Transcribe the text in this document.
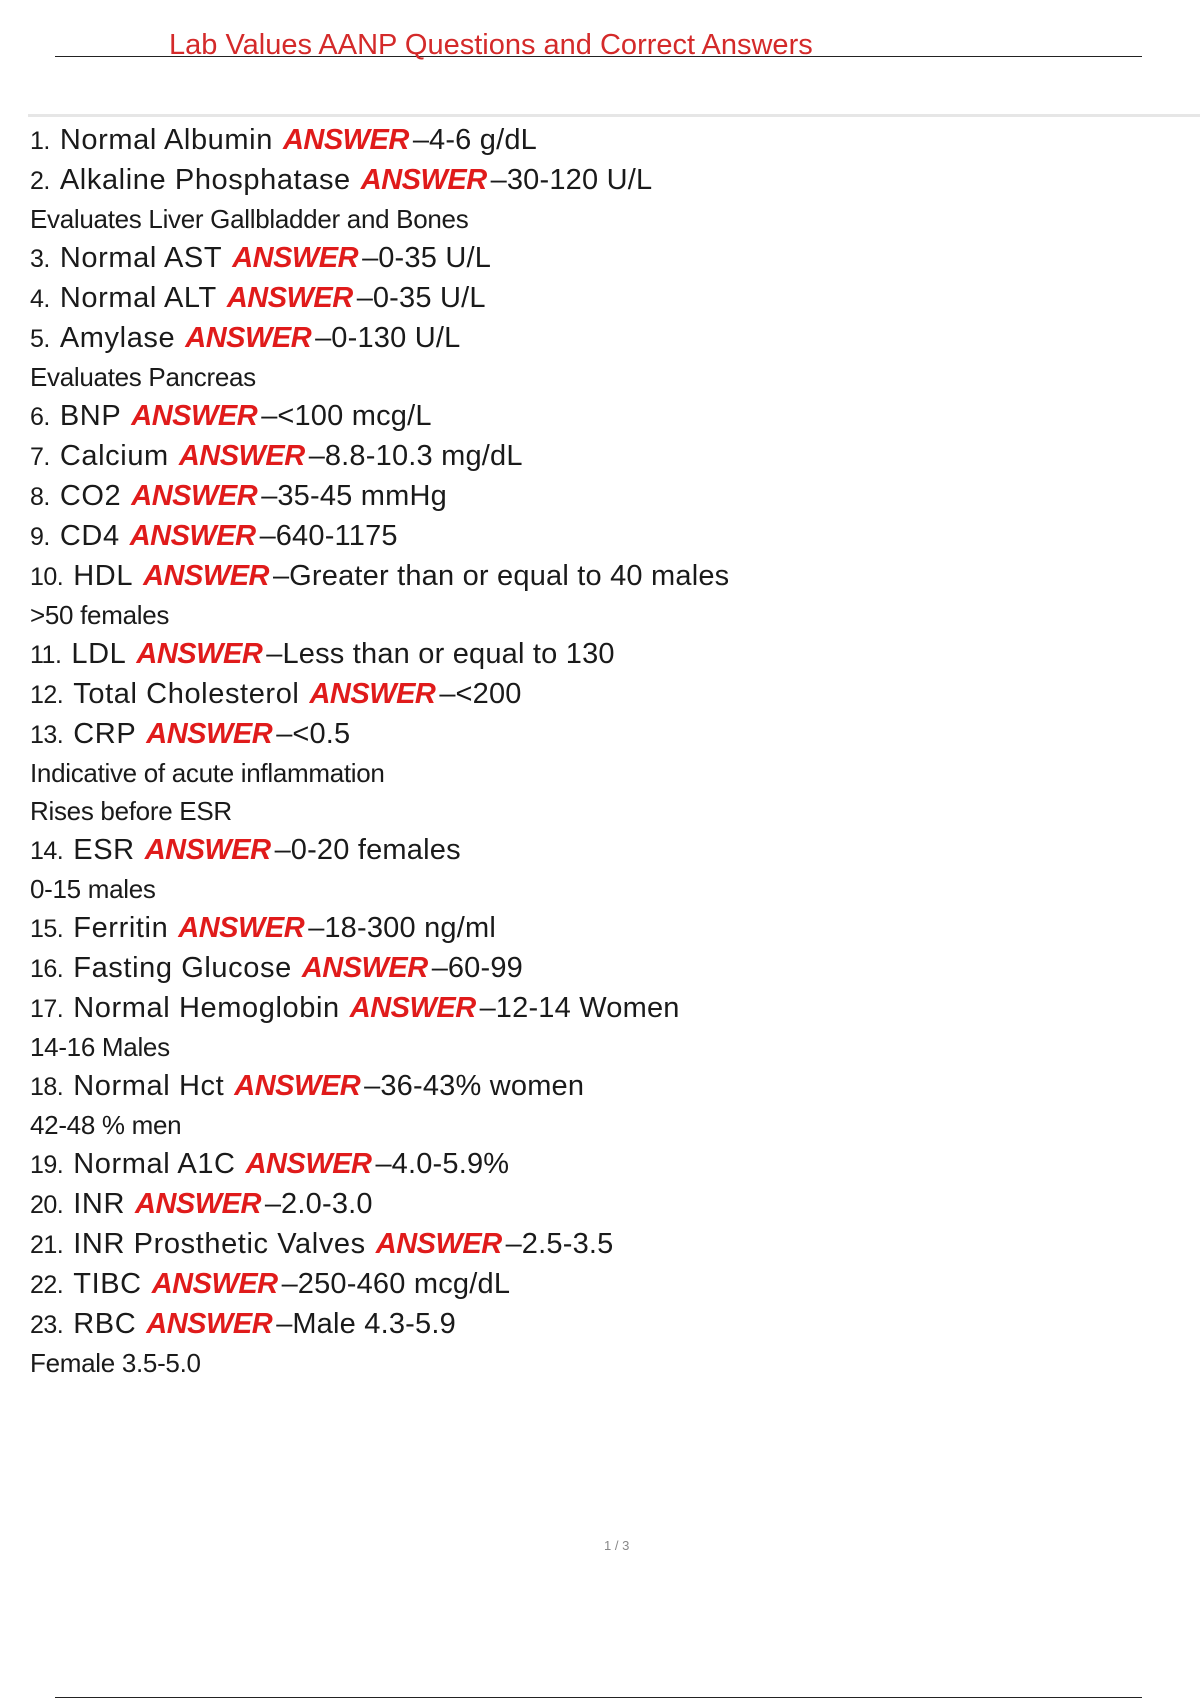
Lab Values AANP Questions and Correct Answers
1. Normal Albumin ANSWER – 4-6 g/dL
2. Alkaline Phosphatase ANSWER – 30-120 U/L
Evaluates Liver Gallbladder and Bones
3. Normal AST ANSWER – 0-35 U/L
4. Normal ALT ANSWER – 0-35 U/L
5. Amylase ANSWER – 0-130 U/L
Evaluates Pancreas
6. BNP ANSWER – <100 mcg/L
7. Calcium ANSWER – 8.8-10.3 mg/dL
8. CO2 ANSWER – 35-45 mmHg
9. CD4 ANSWER – 640-1175
10. HDL ANSWER – Greater than or equal to 40 males
>50 females
11. LDL ANSWER – Less than or equal to 130
12. Total Cholesterol ANSWER – <200
13. CRP ANSWER – <0.5
Indicative of acute inflammation
Rises before ESR
14. ESR ANSWER – 0-20 females
0-15 males
15. Ferritin ANSWER – 18-300 ng/ml
16. Fasting Glucose ANSWER – 60-99
17. Normal Hemoglobin ANSWER – 12-14 Women
14-16 Males
18. Normal Hct ANSWER – 36-43% women
42-48 % men
19. Normal A1C ANSWER – 4.0-5.9%
20. INR ANSWER – 2.0-3.0
21. INR Prosthetic Valves ANSWER – 2.5-3.5
22. TIBC ANSWER – 250-460 mcg/dL
23. RBC ANSWER – Male 4.3-5.9
Female 3.5-5.0
1 / 3
